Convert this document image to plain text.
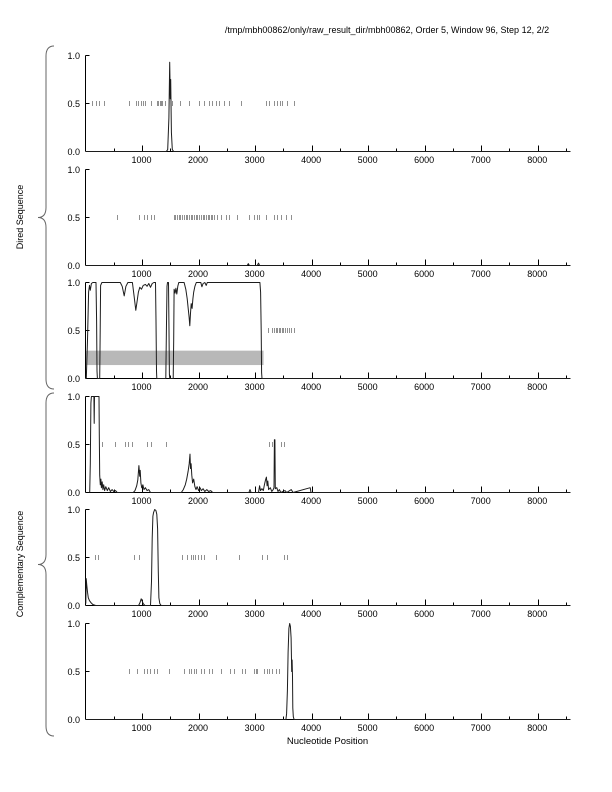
/tmp/mbh00862/only/raw_result_dir/mbh00862, Order 5, Window 96, Step 12, 2/2
Dired Sequence
Complementary Sequence
1.0
0.5
0.0
1000	2000	3000	4000	5000	6000	7000	8000
1.0
0.5
0.0
1000	2000	3000	4000	5000	6000	7000	8000
1.0
0.5
0.0
1000	2000	3000	4000	5000	6000	7000	8000
1.0
0.5
0.0
1000	2000	3000	4000	5000	6000	7000	8000
1.0
0.5
0.0
1000	2000	3000	4000	5000	6000	7000	8000
1.0
0.5
0.0
1000	2000	3000	4000	5000	6000	7000	8000
Nucleotide Position
